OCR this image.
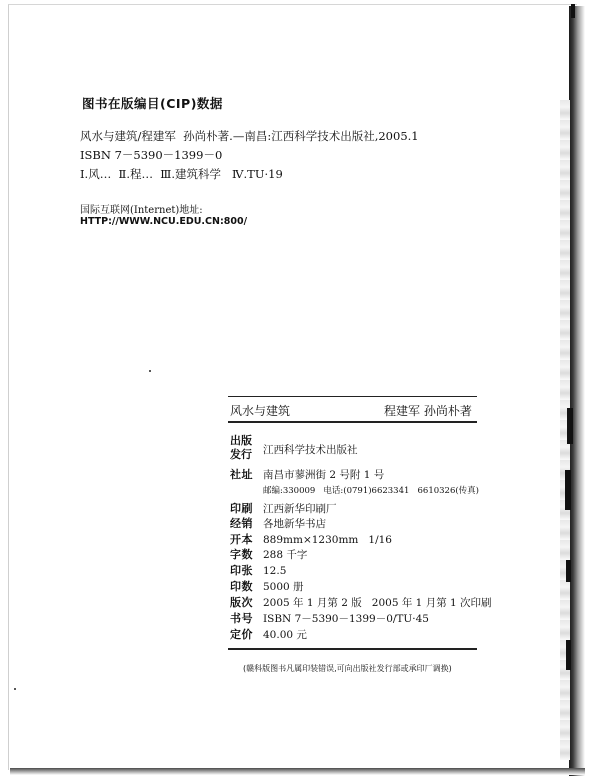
图书在版编目(CIP)数据
风水与建筑/程建军  孙尚朴著.—南昌:江西科学技术出版社,2005.1
ISBN 7－5390－1399－0
Ⅰ.风…  Ⅱ.程…  Ⅲ.建筑科学   Ⅳ.TU·19
国际互联网(Internet)地址:
HTTP://WWW.NCU.EDU.CN:800/
风水与建筑	程建军 孙尚朴著
出版
发行 江西科学技术出版社
社址 南昌市蓼洲街 2 号附 1 号
邮编:330009   电话:(0791)6623341   6610326(传真)
印刷 江西新华印刷厂
经销 各地新华书店
开本 889mm×1230mm   1/16
字数 288 千字
印张 12.5
印数 5000 册
版次 2005 年 1 月第 2 版   2005 年 1 月第 1 次印刷
书号 ISBN 7－5390－1399－0/TU·45
定价 40.00 元
(赣科版图书凡属印装错误,可向出版社发行部或承印厂调换)
